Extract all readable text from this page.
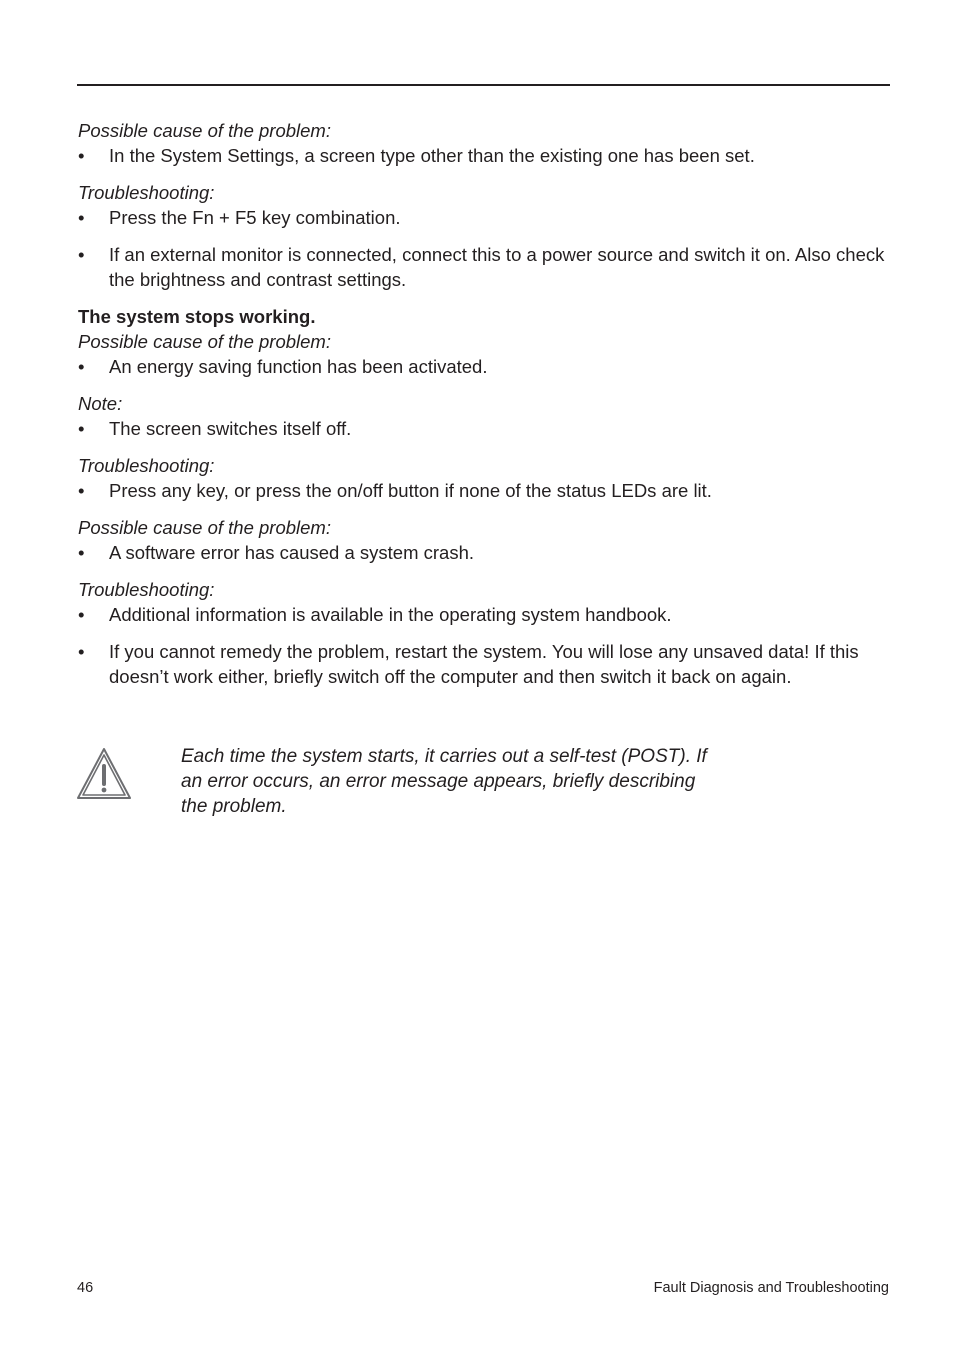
Possible cause of the problem:

•	In the System Settings, a screen type other than the existing one has been set.

Troubleshooting:

•	Press the Fn + F5 key combination.
•	If an external monitor is connected, connect this to a power source and switch it on. Also check the brightness and contrast settings.

The system stops working.

Possible cause of the problem:

•	An energy saving function has been activated.

Note:

•	The screen switches itself off.

Troubleshooting:

•	Press any key, or press the on/off button if none of the status LEDs are lit.

Possible cause of the problem:

•	A software error has caused a system crash.

Troubleshooting:

•	Additional information is available in the operating system handbook.
•	If you cannot remedy the problem, restart the system. You will lose any unsaved data! If this doesn’t work either, briefly switch off the computer and then switch it back on again.
Each time the system starts, it carries out a self-test (POST). If an error occurs, an error message appears, briefly describing the problem.
46	Fault Diagnosis and Troubleshooting
